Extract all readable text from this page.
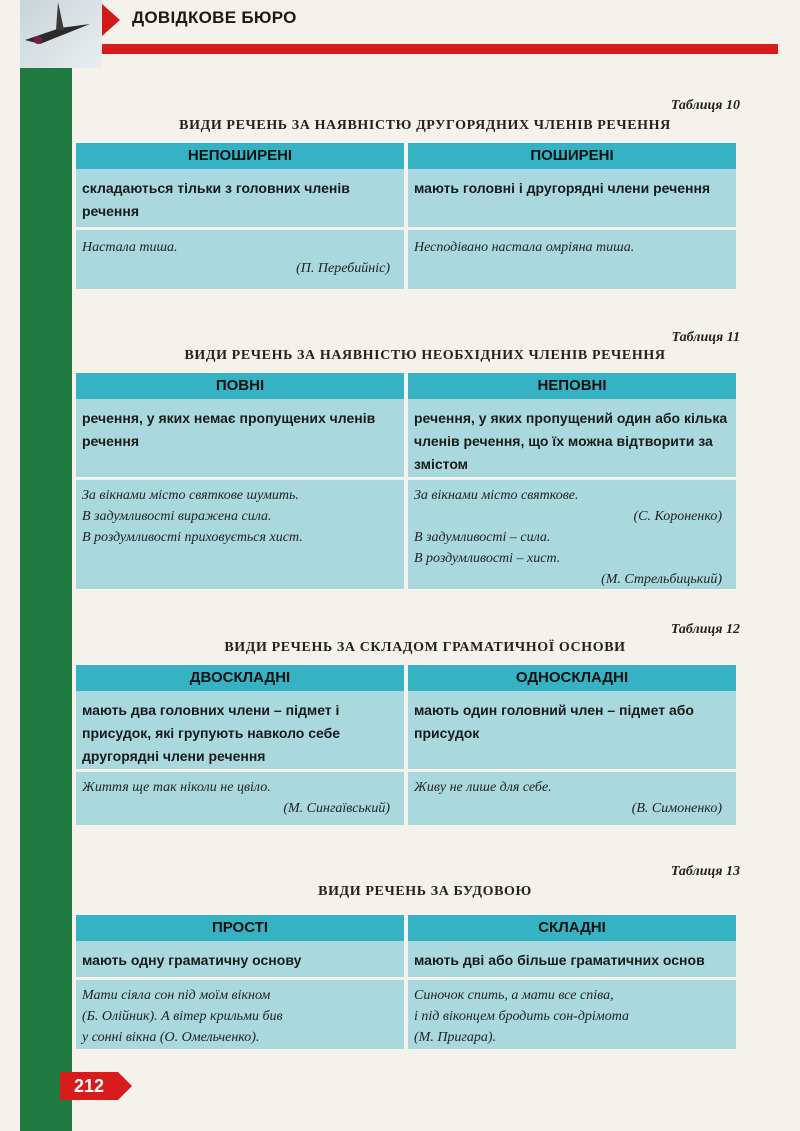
ДОВІДКОВЕ БЮРО
Таблиця 10
ВИДИ РЕЧЕНЬ ЗА НАЯВНІСТЮ ДРУГОРЯДНИХ ЧЛЕНІВ РЕЧЕННЯ
НЕПОШИРЕНІ
складаються тільки з головних членів речення
Настала тиша.
(П. Перебийніс)
ПОШИРЕНІ
мають головні і другорядні члени речення
Несподівано настала омріяна тиша.
Таблиця 11
ВИДИ РЕЧЕНЬ ЗА НАЯВНІСТЮ НЕОБХІДНИХ ЧЛЕНІВ РЕЧЕННЯ
ПОВНІ
речення, у яких немає пропущених членів речення
За вікнами місто святкове шумить.
В задумливості виражена сила.
В роздумливості приховується хист.
НЕПОВНІ
речення, у яких пропущений один або кілька членів речення, що їх можна відтворити за змістом
За вікнами місто святкове.
(С. Короненко)
В задумливості – сила.
В роздумливості – хист.
(М. Стрельбицький)
Таблиця 12
ВИДИ РЕЧЕНЬ ЗА СКЛАДОМ ГРАМАТИЧНОЇ ОСНОВИ
ДВОСКЛАДНІ
мають два головних члени – підмет і присудок, які групують навколо себе другорядні члени речення
Життя ще так ніколи не цвіло.
(М. Сингаївський)
ОДНОСКЛАДНІ
мають один головний член – підмет або присудок
Живу не лише для себе.
(В. Симоненко)
Таблиця 13
ВИДИ РЕЧЕНЬ ЗА БУДОВОЮ
ПРОСТІ
мають одну граматичну основу
Мати сіяла сон під моїм вікном
(Б. Олійник). А вітер крильми бив
у сонні вікна (О. Омельченко).
СКЛАДНІ
мають дві або більше граматичних основ
Синочок спить, а мати все співа,
і під віконцем бродить сон-дрімота
(М. Пригара).
212
